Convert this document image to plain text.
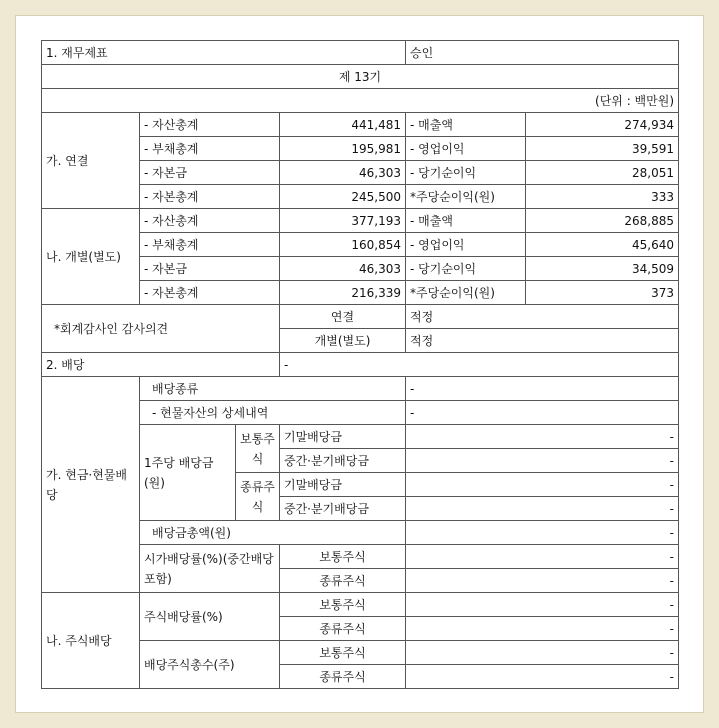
1. 재무제표				승인	
제 13기					
(단위 : 백만원)					
가. 연결	- 자산총계		441,481	- 매출액	274,934
	- 부채총계		195,981	- 영업이익	39,591
	- 자본금		46,303	- 당기순이익	28,051
	- 자본총계		245,500	*주당순이익(원)	333
나. 개별(별도)	- 자산총계		377,193	- 매출액	268,885
	- 부채총계		160,854	- 영업이익	45,640
	- 자본금		46,303	- 당기순이익	34,509
	- 자본총계		216,339	*주당순이익(원)	373
*회계감사인 감사의견			연결	적정	
			개별(별도)	적정	
2. 배당			-		
가. 현금·현물배당	배당종류			-	
	- 현물자산의 상세내역			-	
	1주당 배당금(원)	보통주식	기말배당금	-	
			중간·분기배당금	-	
		종류주식	기말배당금	-	
			중간·분기배당금	-	
	배당금총액(원)			-	
	시가배당률(%)(중간배당 포함)		보통주식	-	
			종류주식	-	
나. 주식배당	주식배당률(%)		보통주식	-	
			종류주식	-	
	배당주식총수(주)		보통주식	-	
			종류주식	-	
